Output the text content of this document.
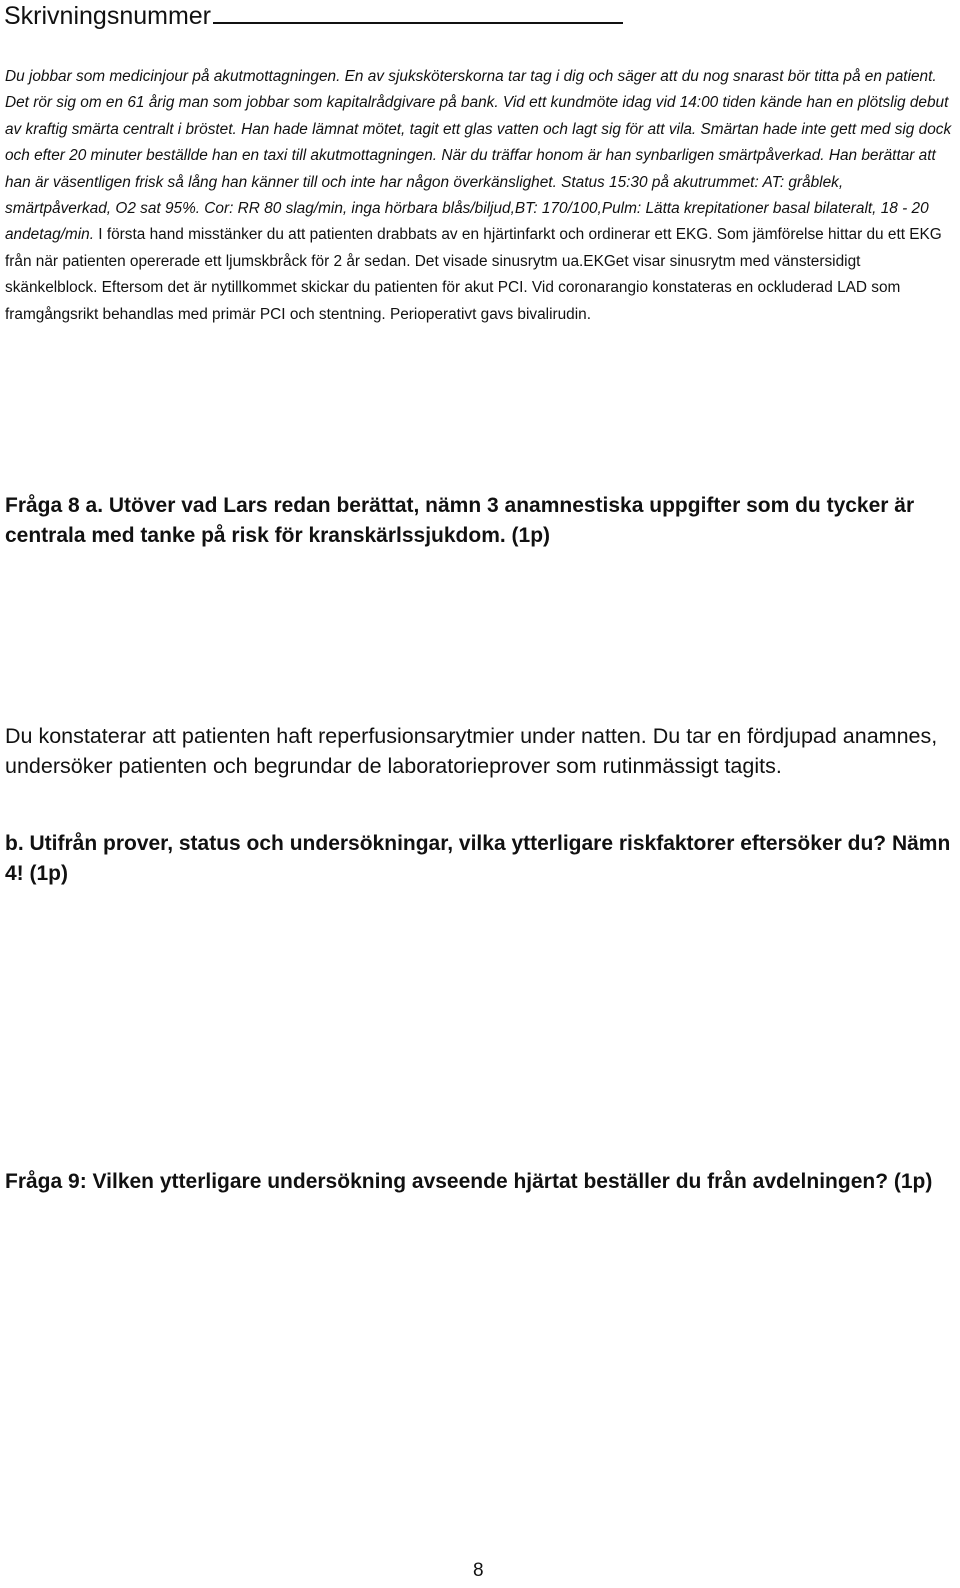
Skrivningsnummer
Du jobbar som medicinjour på akutmottagningen. En av sjuksköterskorna tar tag i dig och säger att du nog snarast bör titta på en patient. Det rör sig om en 61 årig man som jobbar som kapitalrådgivare på bank. Vid ett kundmöte idag vid 14:00 tiden kände han en plötslig debut av kraftig smärta centralt i bröstet. Han hade lämnat mötet, tagit ett glas vatten och lagt sig för att vila. Smärtan hade inte gett med sig dock och efter 20 minuter beställde han en taxi till akutmottagningen. När du träffar honom är han synbarligen smärtpåverkad. Han berättar att han är väsentligen frisk så lång han känner till och inte har någon överkänslighet. Status 15:30 på akutrummet: AT: gråblek, smärtpåverkad, O2 sat 95%. Cor: RR 80 slag/min, inga hörbara blås/biljud,BT: 170/100,Pulm: Lätta krepitationer basal bilateralt, 18 - 20 andetag/min. I första hand misstänker du att patienten drabbats av en hjärtinfarkt och ordinerar ett EKG. Som jämförelse hittar du ett EKG från när patienten opererade ett ljumskbråck för 2 år sedan. Det visade sinusrytm ua.EKGet visar sinusrytm med vänstersidigt skänkelblock. Eftersom det är nytillkommet skickar du patienten för akut PCI. Vid coronarangio konstateras en ockluderad LAD som framgångsrikt behandlas med primär PCI och stentning. Perioperativt gavs bivalirudin.
Du konstaterar att patienten haft reperfusionsarytmier under natten. Du tar en fördjupad anamnes, undersöker patienten och begrundar de laboratorieprover som rutinmässigt tagits.
Fråga 8 a. Utöver vad Lars redan berättat, nämn 3 anamnestiska uppgifter som du tycker är centrala med tanke på risk för kranskärlssjukdom. (1p)
b. Utifrån prover, status och undersökningar, vilka ytterligare riskfaktorer eftersöker du? Nämn 4! (1p)
Fråga 9: Vilken ytterligare undersökning avseende hjärtat beställer du från avdelningen? (1p)
8
